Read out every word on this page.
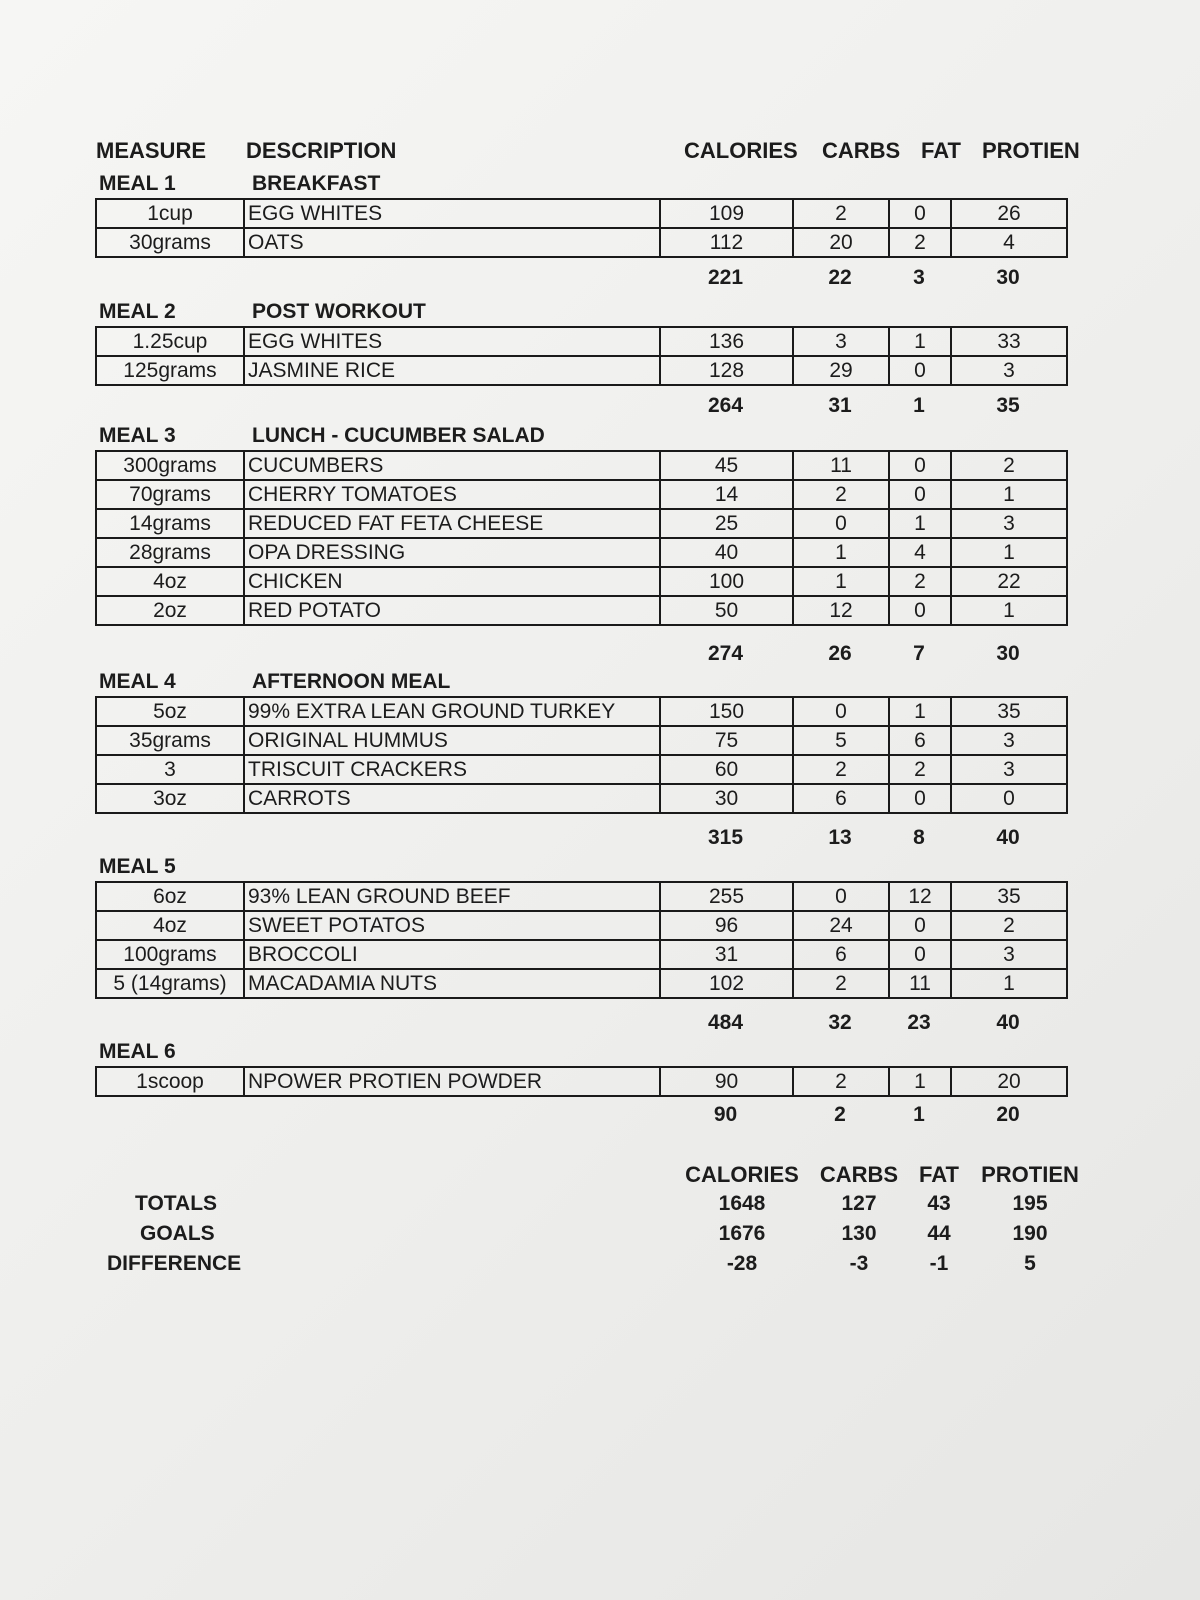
MEASURE DESCRIPTION	CALORIES CARBS FAT PROTIEN
MEAL 1	BREAKFAST
1cup	EGG WHITES	109	2	0	26
30grams	OATS	112	20	2	4
221	22	3	30
MEAL 2	POST WORKOUT
1.25cup	EGG WHITES	136	3	1	33
125grams	JASMINE RICE	128	29	0	3
264	31	1	35
MEAL 3	LUNCH - CUCUMBER SALAD
300grams	CUCUMBERS	45	11	0	2
70grams	CHERRY TOMATOES	14	2	0	1
14grams	REDUCED FAT FETA CHEESE	25	0	1	3
28grams	OPA DRESSING	40	1	4	1
4oz	CHICKEN	100	1	2	22
2oz	RED POTATO	50	12	0	1
274	26	7	30
MEAL 4	AFTERNOON MEAL
5oz	99% EXTRA LEAN GROUND TURKEY	150	0	1	35
35grams	ORIGINAL HUMMUS	75	5	6	3
3	TRISCUIT CRACKERS	60	2	2	3
3oz	CARROTS	30	6	0	0
315	13	8	40
MEAL 5
6oz	93% LEAN GROUND BEEF	255	0	12	35
4oz	SWEET POTATOS	96	24	0	2
100grams	BROCCOLI	31	6	0	3
5 (14grams)	MACADAMIA NUTS	102	2	11	1
484	32	23	40
MEAL 6
1scoop	NPOWER PROTIEN POWDER	90	2	1	20
90	2	1	20
CALORIES CARBS FAT	PROTIEN
TOTALS	1648	127	43	195
GOALS	1676	130	44	190
DIFFERENCE	-28	-3	-1	5
